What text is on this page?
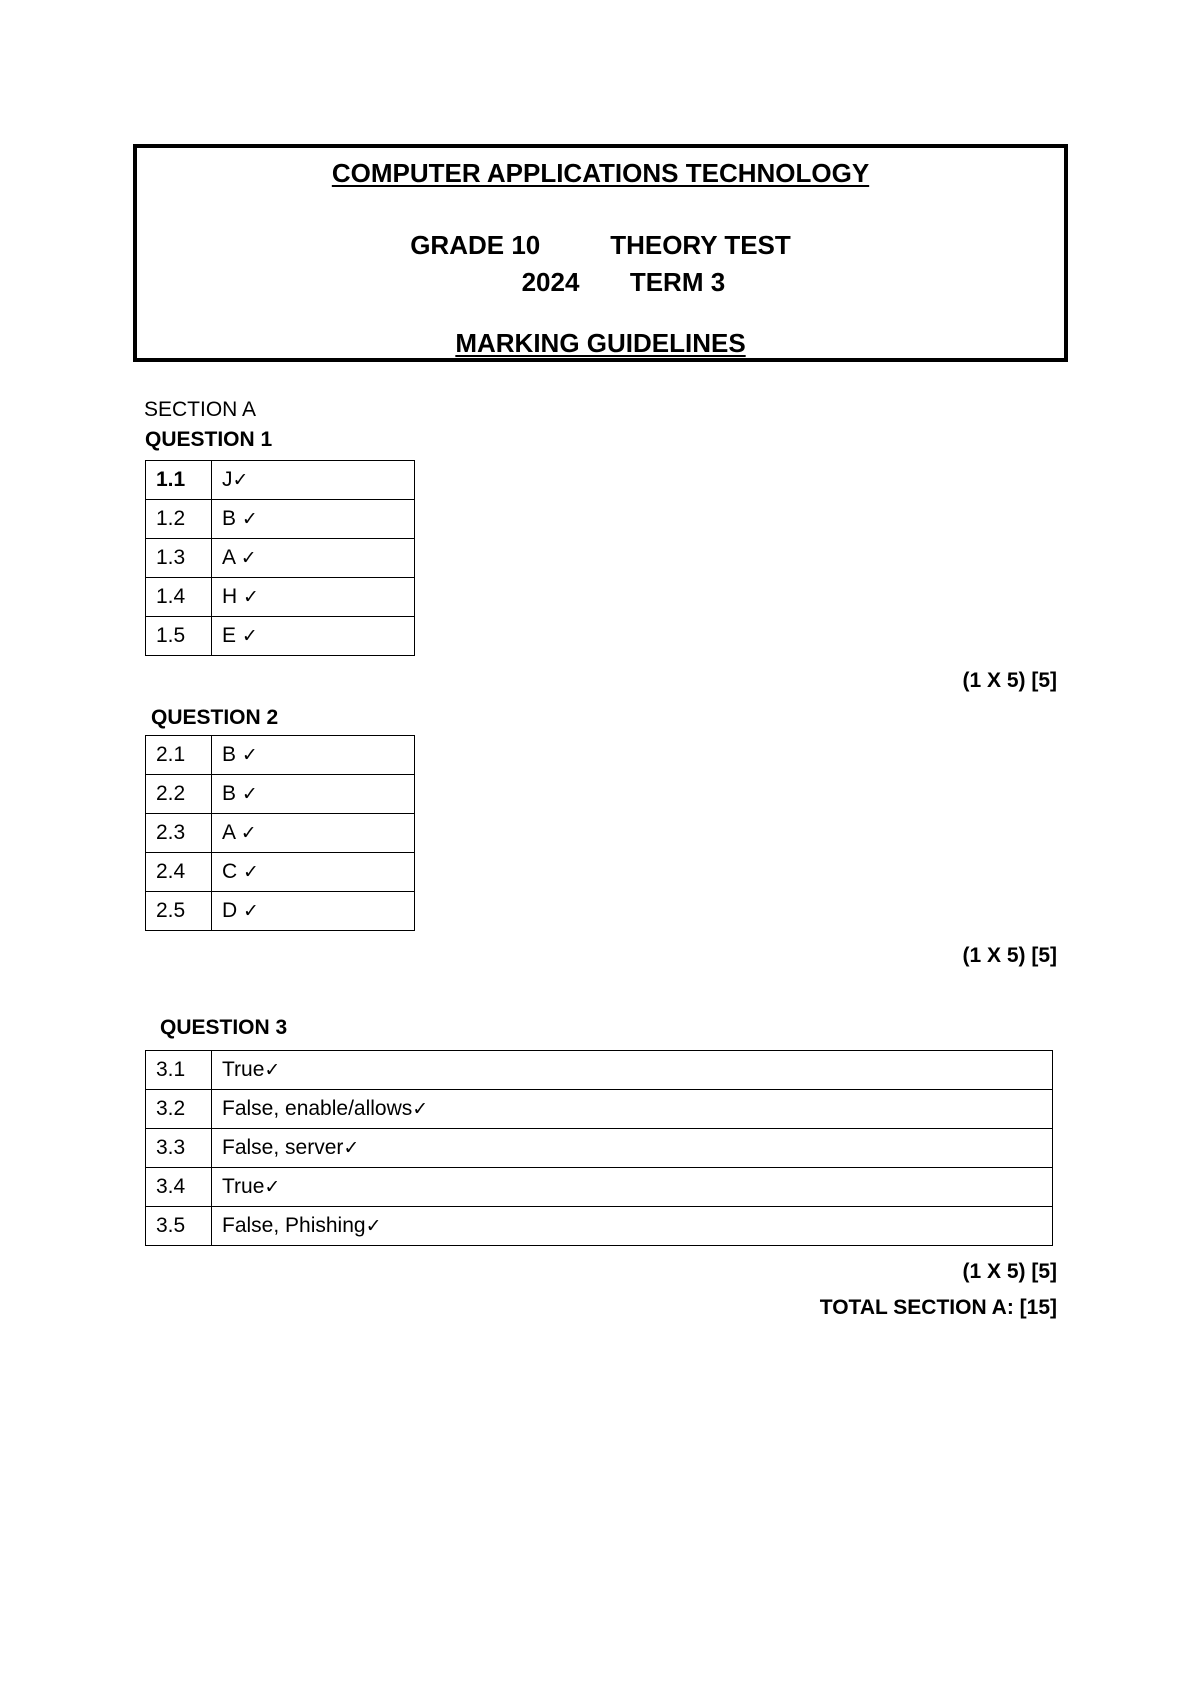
COMPUTER APPLICATIONS TECHNOLOGY
GRADE 10	THEORY TEST
2024 TERM 3
MARKING GUIDELINES
SECTION A
QUESTION 1
1.1	J✓
1.2	B ✓
1.3	A ✓
1.4	H ✓
1.5	E ✓
(1 X 5) [5]
QUESTION 2
2.1	B ✓
2.2	B ✓
2.3	A ✓
2.4	C ✓
2.5	D ✓
(1 X 5) [5]
QUESTION 3
3.1	True✓
3.2	False, enable/allows✓
3.3	False, server✓
3.4	True✓
3.5	False, Phishing✓
(1 X 5) [5]
TOTAL SECTION A: [15]
